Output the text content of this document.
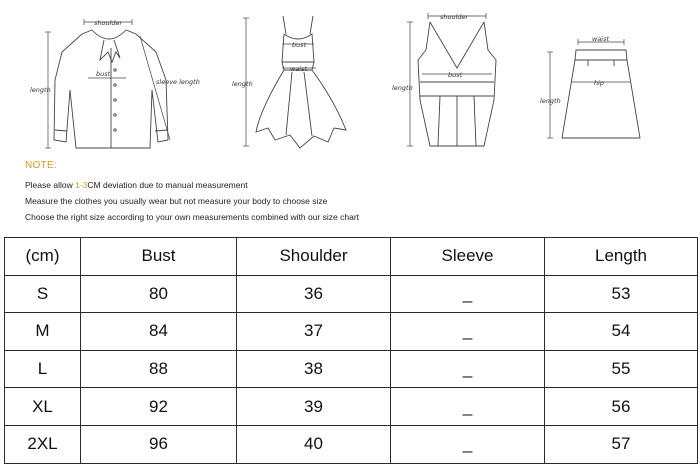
shoulder
bust
sleeve length
length
bust
waist
length
shoulder
bust
length
waist
hip
length
NOTE:
Please allow 1-3CM deviation due to manual measurement
Measure the clothes you usually wear but not measure your body to choose size
Choose the right size according to your own measurements combined with our size chart
(cm)	Bust	Shoulder	Sleeve	Length
S	80	36	_	53
M	84	37	_	54
L	88	38	_	55
XL	92	39	_	56
2XL	96	40	_	57
